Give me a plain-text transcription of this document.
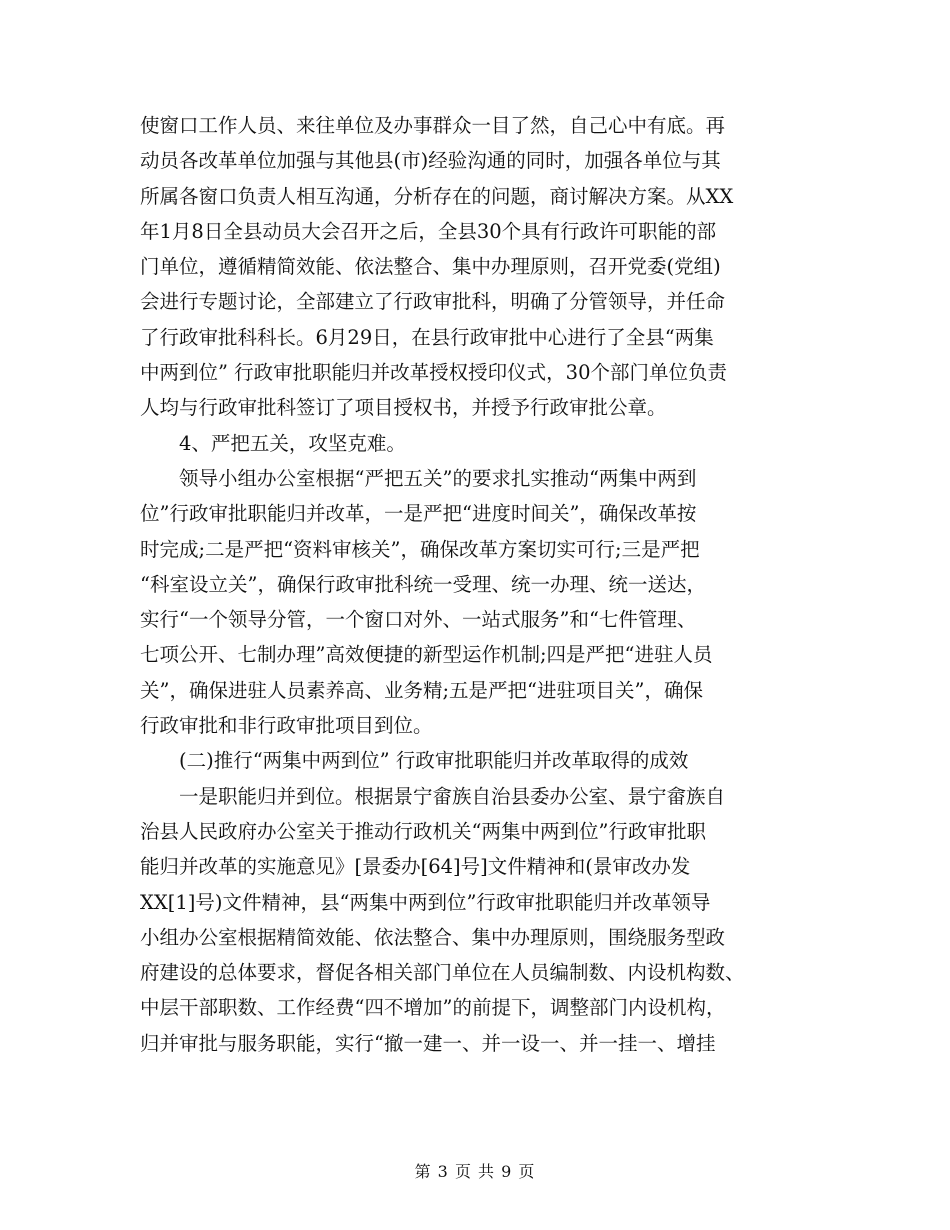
使窗口工作人员、来往单位及办事群众一目了然，自己心中有底。再
动员各改革单位加强与其他县(市)经验沟通的同时，加强各单位与其
所属各窗口负责人相互沟通，分析存在的问题，商讨解决方案。从XX
年1月8日全县动员大会召开之后，全县30个具有行政许可职能的部
门单位，遵循精简效能、依法整合、集中办理原则，召开党委(党组)
会进行专题讨论，全部建立了行政审批科，明确了分管领导，并任命
了行政审批科科长。6月29日，在县行政审批中心进行了全县“两集
中两到位” 行政审批职能归并改革授权授印仪式，30个部门单位负责
人均与行政审批科签订了项目授权书，并授予行政审批公章。
4、严把五关，攻坚克难。
领导小组办公室根据“严把五关”的要求扎实推动“两集中两到
位”行政审批职能归并改革，一是严把“进度时间关”，确保改革按
时完成;二是严把“资料审核关”，确保改革方案切实可行;三是严把
“科室设立关”，确保行政审批科统一受理、统一办理、统一送达，
实行“一个领导分管，一个窗口对外、一站式服务”和“七件管理、
七项公开、七制办理”高效便捷的新型运作机制;四是严把“进驻人员
关”，确保进驻人员素养高、业务精;五是严把“进驻项目关”，确保
行政审批和非行政审批项目到位。
(二)推行“两集中两到位” 行政审批职能归并改革取得的成效
一是职能归并到位。根据景宁畲族自治县委办公室、景宁畲族自
治县人民政府办公室关于推动行政机关“两集中两到位”行政审批职
能归并改革的实施意见》[景委办[64]号]文件精神和(景审改办发
XX[1]号)文件精神，县“两集中两到位”行政审批职能归并改革领导
小组办公室根据精简效能、依法整合、集中办理原则，围绕服务型政
府建设的总体要求，督促各相关部门单位在人员编制数、内设机构数、
中层干部职数、工作经费“四不增加”的前提下，调整部门内设机构，
归并审批与服务职能，实行“撤一建一、并一设一、并一挂一、增挂
第 3 页 共 9 页
